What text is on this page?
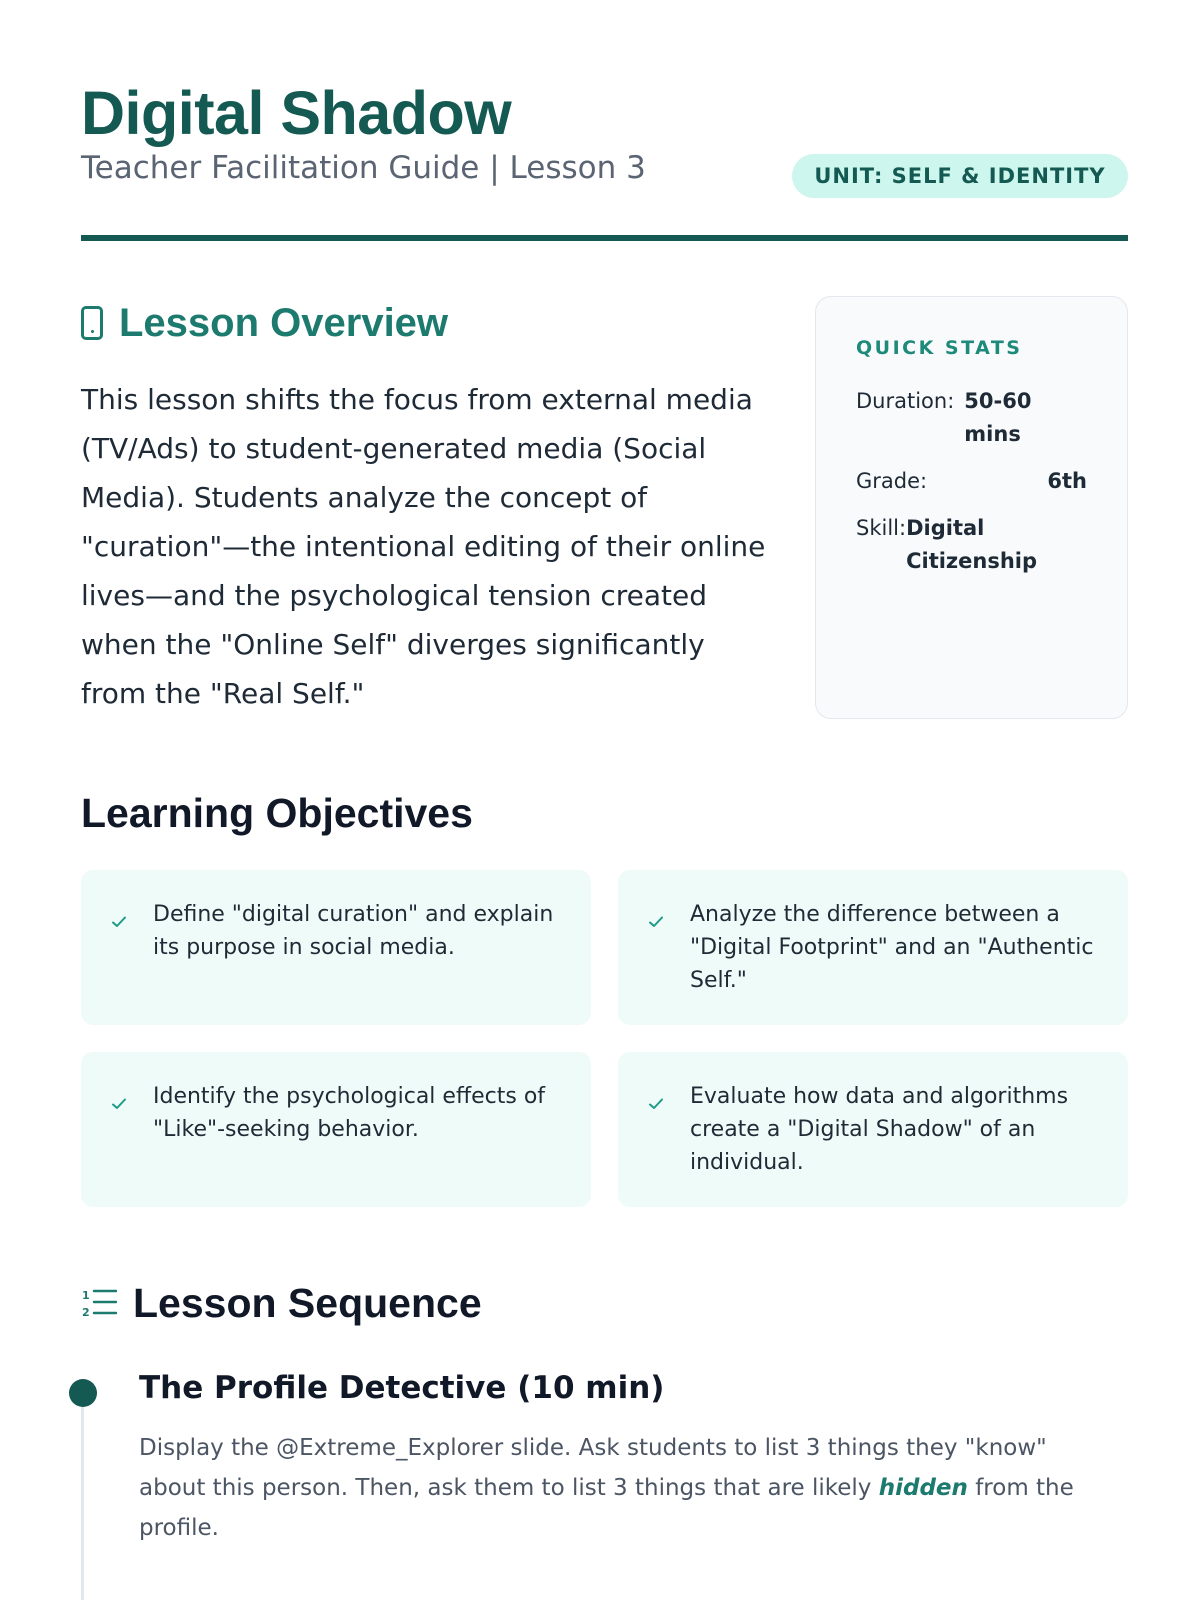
Digital Shadow
Teacher Facilitation Guide | Lesson 3	UNIT: SELF & IDENTITY
Lesson Overview

This lesson shifts the focus from external media (TV/Ads) to student-generated media (Social Media). Students analyze the concept of "curation"—the intentional editing of their online lives—and the psychological tension created when the "Online Self" diverges significantly from the "Real Self."

QUICK STATS
Duration: 50-60 mins
Grade:	6th
Skill: Digital Citizenship
Learning Objectives
Define "digital curation" and explain its purpose in social media.
Analyze the difference between a "Digital Footprint" and an "Authentic Self."
Identify the psychological effects of "Like"-seeking behavior.
Evaluate how data and algorithms create a "Digital Shadow" of an individual.
1
2 Lesson Sequence
The Profile Detective (10 min)

Display the @Extreme_Explorer slide. Ask students to list 3 things they "know" about this person. Then, ask them to list 3 things that are likely hidden from the profile.
